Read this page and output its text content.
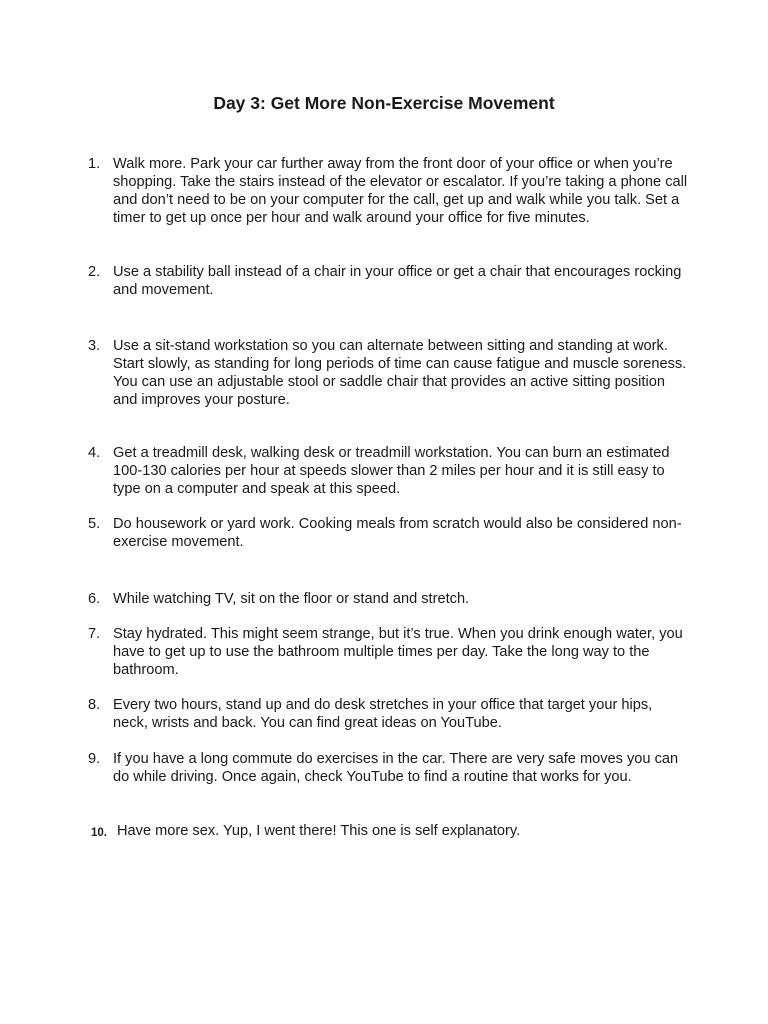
Day 3: Get More Non-Exercise Movement
1. Walk more. Park your car further away from the front door of your office or when you’re shopping. Take the stairs instead of the elevator or escalator. If you’re taking a phone call and don’t need to be on your computer for the call, get up and walk while you talk. Set a timer to get up once per hour and walk around your office for five minutes.
2. Use a stability ball instead of a chair in your office or get a chair that encourages rocking and movement.
3. Use a sit-stand workstation so you can alternate between sitting and standing at work. Start slowly, as standing for long periods of time can cause fatigue and muscle soreness. You can use an adjustable stool or saddle chair that provides an active sitting position and improves your posture.
4. Get a treadmill desk, walking desk or treadmill workstation. You can burn an estimated 100-130 calories per hour at speeds slower than 2 miles per hour and it is still easy to type on a computer and speak at this speed.
5. Do housework or yard work. Cooking meals from scratch would also be considered non-exercise movement.
6. While watching TV, sit on the floor or stand and stretch.
7. Stay hydrated. This might seem strange, but it’s true. When you drink enough water, you have to get up to use the bathroom multiple times per day. Take the long way to the bathroom.
8. Every two hours, stand up and do desk stretches in your office that target your hips, neck, wrists and back. You can find great ideas on YouTube.
9. If you have a long commute do exercises in the car. There are very safe moves you can do while driving. Once again, check YouTube to find a routine that works for you.
10. Have more sex. Yup, I went there! This one is self explanatory.
